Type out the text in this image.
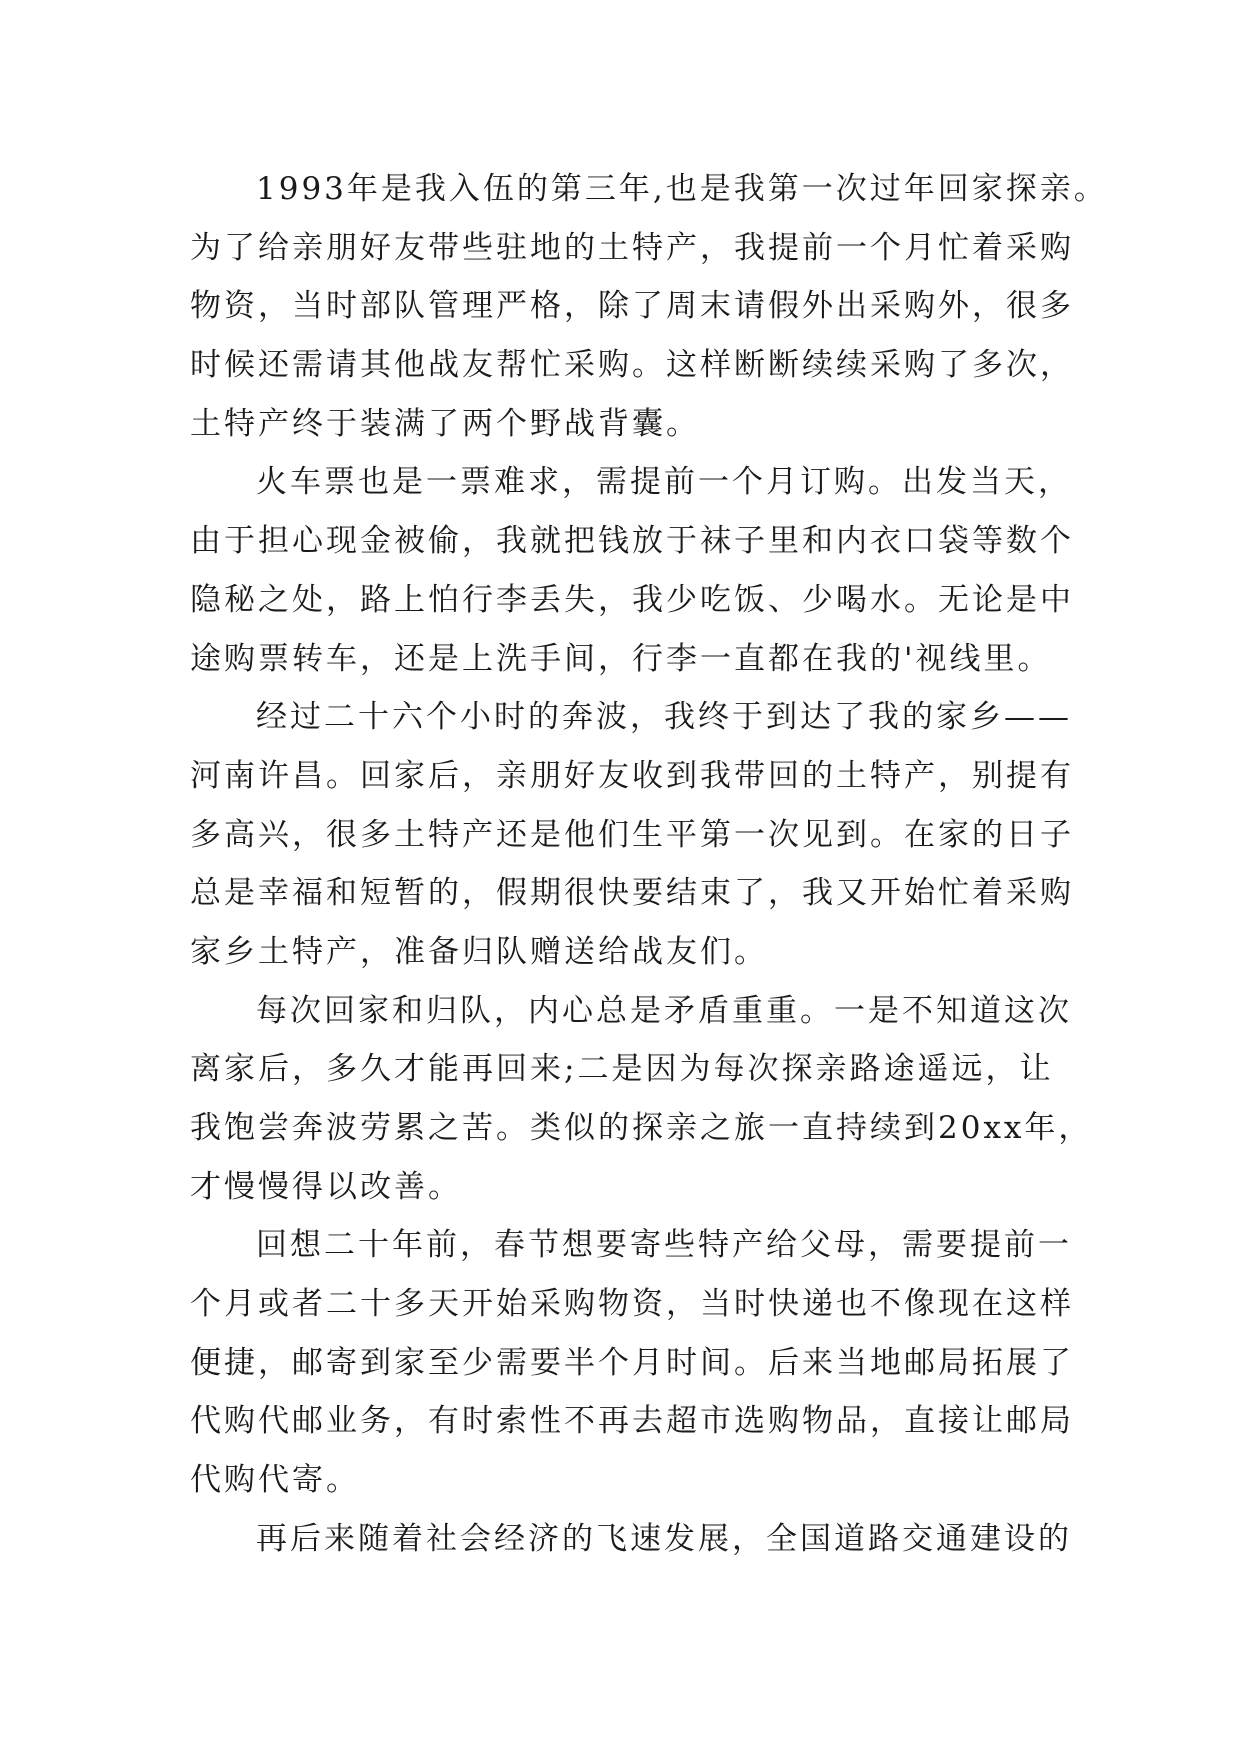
1993年是我入伍的第三年,也是我第一次过年回家探亲。
为了给亲朋好友带些驻地的土特产，我提前一个月忙着采购
物资，当时部队管理严格，除了周末请假外出采购外，很多
时候还需请其他战友帮忙采购。这样断断续续采购了多次，
土特产终于装满了两个野战背囊。
火车票也是一票难求，需提前一个月订购。出发当天，
由于担心现金被偷，我就把钱放于袜子里和内衣口袋等数个
隐秘之处，路上怕行李丢失，我少吃饭、少喝水。无论是中
途购票转车，还是上洗手间，行李一直都在我的'视线里。
经过二十六个小时的奔波，我终于到达了我的家乡——
河南许昌。回家后，亲朋好友收到我带回的土特产，别提有
多高兴，很多土特产还是他们生平第一次见到。在家的日子
总是幸福和短暂的，假期很快要结束了，我又开始忙着采购
家乡土特产，准备归队赠送给战友们。
每次回家和归队，内心总是矛盾重重。一是不知道这次
离家后，多久才能再回来;二是因为每次探亲路途遥远，让
我饱尝奔波劳累之苦。类似的探亲之旅一直持续到20xx年，
才慢慢得以改善。
回想二十年前，春节想要寄些特产给父母，需要提前一
个月或者二十多天开始采购物资，当时快递也不像现在这样
便捷，邮寄到家至少需要半个月时间。后来当地邮局拓展了
代购代邮业务，有时索性不再去超市选购物品，直接让邮局
代购代寄。
再后来随着社会经济的飞速发展，全国道路交通建设的
